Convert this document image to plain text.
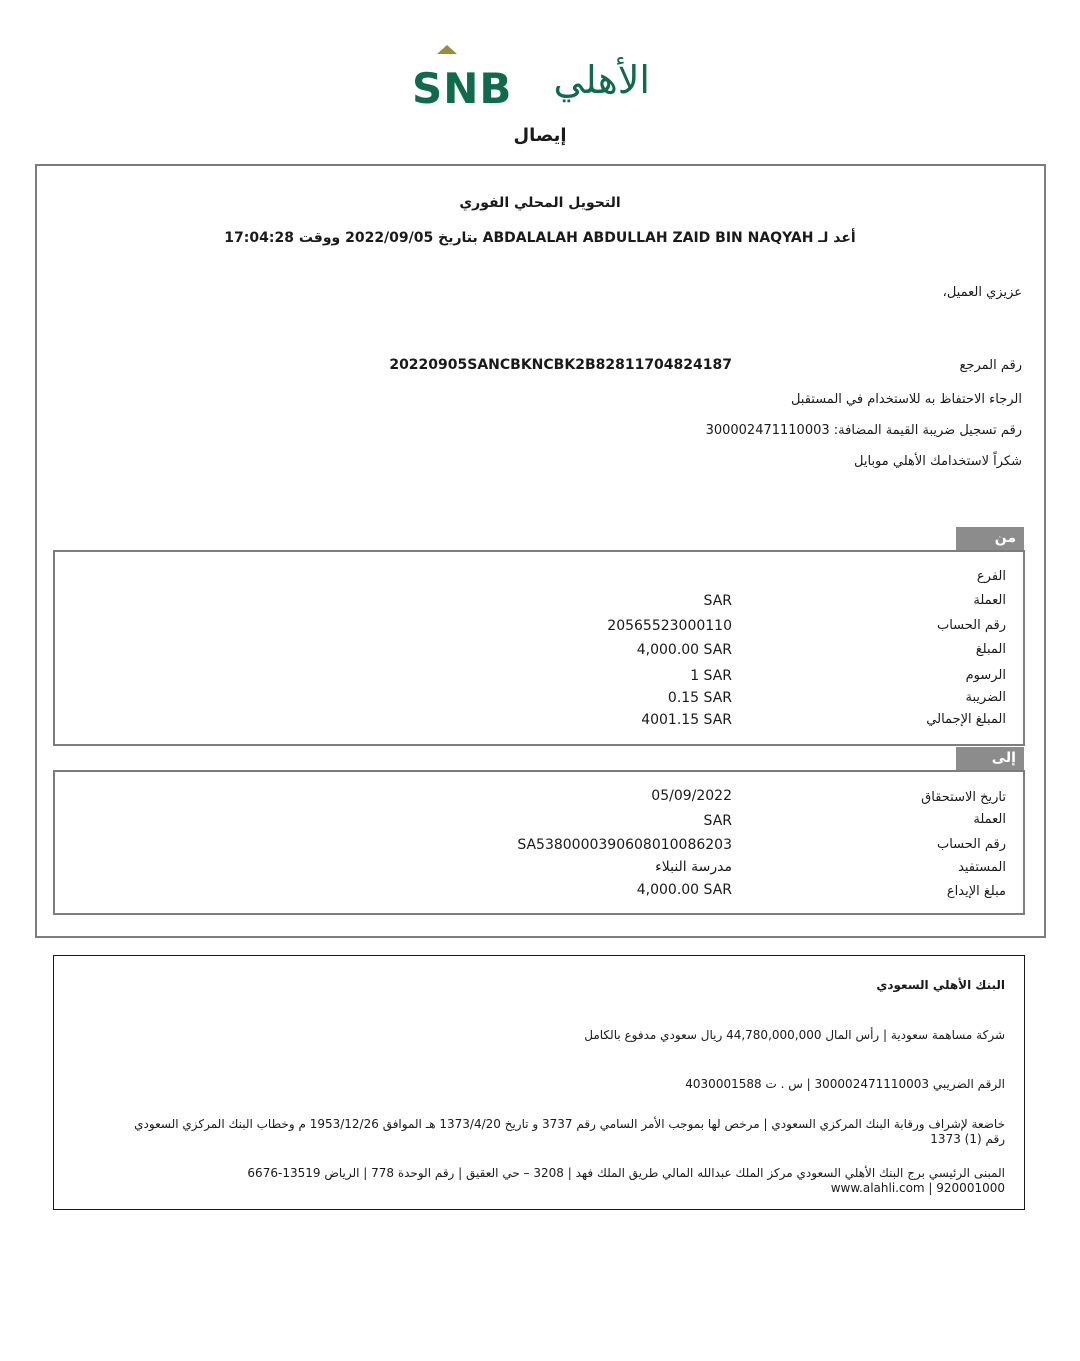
SNB الأهلي
إيصال
التحويل المحلي الفوري
أعد لـ ABDALALAH ABDULLAH ZAID BIN NAQYAH بتاريخ 2022/09/05 ووقت 17:04:28
عزيزي العميل،
رقم المرجع
20220905SANCBKNCBK2B82811704824187
الرجاء الاحتفاظ به للاستخدام في المستقبل
رقم تسجيل ضريبة القيمة المضافة: 300002471110003
شكراً لاستخدامك الأهلي موبايل
من
الفرع
العملة
SAR
رقم الحساب
20565523000110
المبلغ
4,000.00 SAR
الرسوم
1 SAR
الضريبة
0.15 SAR
المبلغ الإجمالي
4001.15 SAR
إلى
تاريخ الاستحقاق
05/09/2022
العملة
SAR
رقم الحساب
SA5380000390608010086203
المستفيد
مدرسة النبلاء
مبلغ الإيداع
4,000.00 SAR
البنك الأهلي السعودي
شركة مساهمة سعودية | رأس المال 44,780,000,000 ريال سعودي مدفوع بالكامل
الرقم الضريبي 300002471110003 | س . ت 4030001588
خاضعة لإشراف ورقابة البنك المركزي السعودي | مرخص لها بموجب الأمر السامي رقم 3737 و تاريخ 1373/4/20 هـ الموافق 1953/12/26 م وخطاب البنك المركزي السعودي
رقم (1) 1373
المبنى الرئيسي برج البنك الأهلي السعودي مركز الملك عبدالله المالي طريق الملك فهد | 3208 – حي العقيق | رقم الوحدة 778 | الرياض 13519-6676
920001000 | www.alahli.com
